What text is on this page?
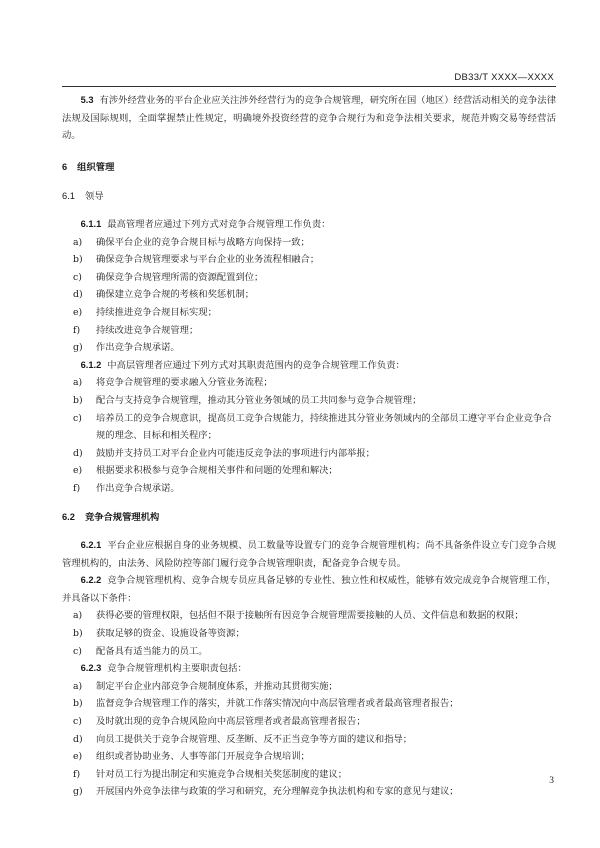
DB33/T XXXX—XXXX

5.3 有涉外经营业务的平台企业应关注涉外经营行为的竞争合规管理，研究所在国（地区）经营活动相关的竞争法律法规及国际规则，全面掌握禁止性规定，明确境外投资经营的竞争合规行为和竞争法相关要求，规范并购交易等经营活动。

6 组织管理
6.1 领导

6.1.1 最高管理者应通过下列方式对竞争合规管理工作负责：

a) 确保平台企业的竞争合规目标与战略方向保持一致；

b) 确保竞争合规管理要求与平台企业的业务流程相融合；

c) 确保竞争合规管理所需的资源配置到位；

d) 确保建立竞争合规的考核和奖惩机制；

e) 持续推进竞争合规目标实现；

f) 持续改进竞争合规管理；

g) 作出竞争合规承诺。

6.1.2 中高层管理者应通过下列方式对其职责范围内的竞争合规管理工作负责：

a) 将竞争合规管理的要求融入分管业务流程；

b) 配合与支持竞争合规管理，推动其分管业务领域的员工共同参与竞争合规管理；

c) 培养员工的竞争合规意识，提高员工竞争合规能力，持续推进其分管业务领域内的全部员工遵守平台企业竞争合规的理念、目标和相关程序；

d) 鼓励并支持员工对平台企业内可能违反竞争法的事项进行内部举报；

e) 根据要求积极参与竞争合规相关事件和问题的处理和解决；

f) 作出竞争合规承诺。

6.2 竞争合规管理机构

6.2.1 平台企业应根据自身的业务规模、员工数量等设置专门的竞争合规管理机构；尚不具备条件设立专门竞争合规管理机构的，由法务、风险防控等部门履行竞争合规管理职责，配备竞争合规专员。

6.2.2 竞争合规管理机构、竞争合规专员应具备足够的专业性、独立性和权威性，能够有效完成竞争合规管理工作，并具备以下条件：

a) 获得必要的管理权限，包括但不限于接触所有因竞争合规管理需要接触的人员、文件信息和数据的权限；

b) 获取足够的资金、设施设备等资源；

c) 配备具有适当能力的员工。

6.2.3 竞争合规管理机构主要职责包括：

a) 制定平台企业内部竞争合规制度体系，并推动其贯彻实施；

b) 监督竞争合规管理工作的落实，并就工作落实情况向中高层管理者或者最高管理者报告；

c) 及时就出现的竞争合规风险向中高层管理者或者最高管理者报告；

d) 向员工提供关于竞争合规管理、反垄断、反不正当竞争等方面的建议和指导；

e) 组织或者协助业务、人事等部门开展竞争合规培训；

f) 针对员工行为提出制定和实施竞争合规相关奖惩制度的建议；

g) 开展国内外竞争法律与政策的学习和研究，充分理解竞争执法机构和专家的意见与建议；

3
